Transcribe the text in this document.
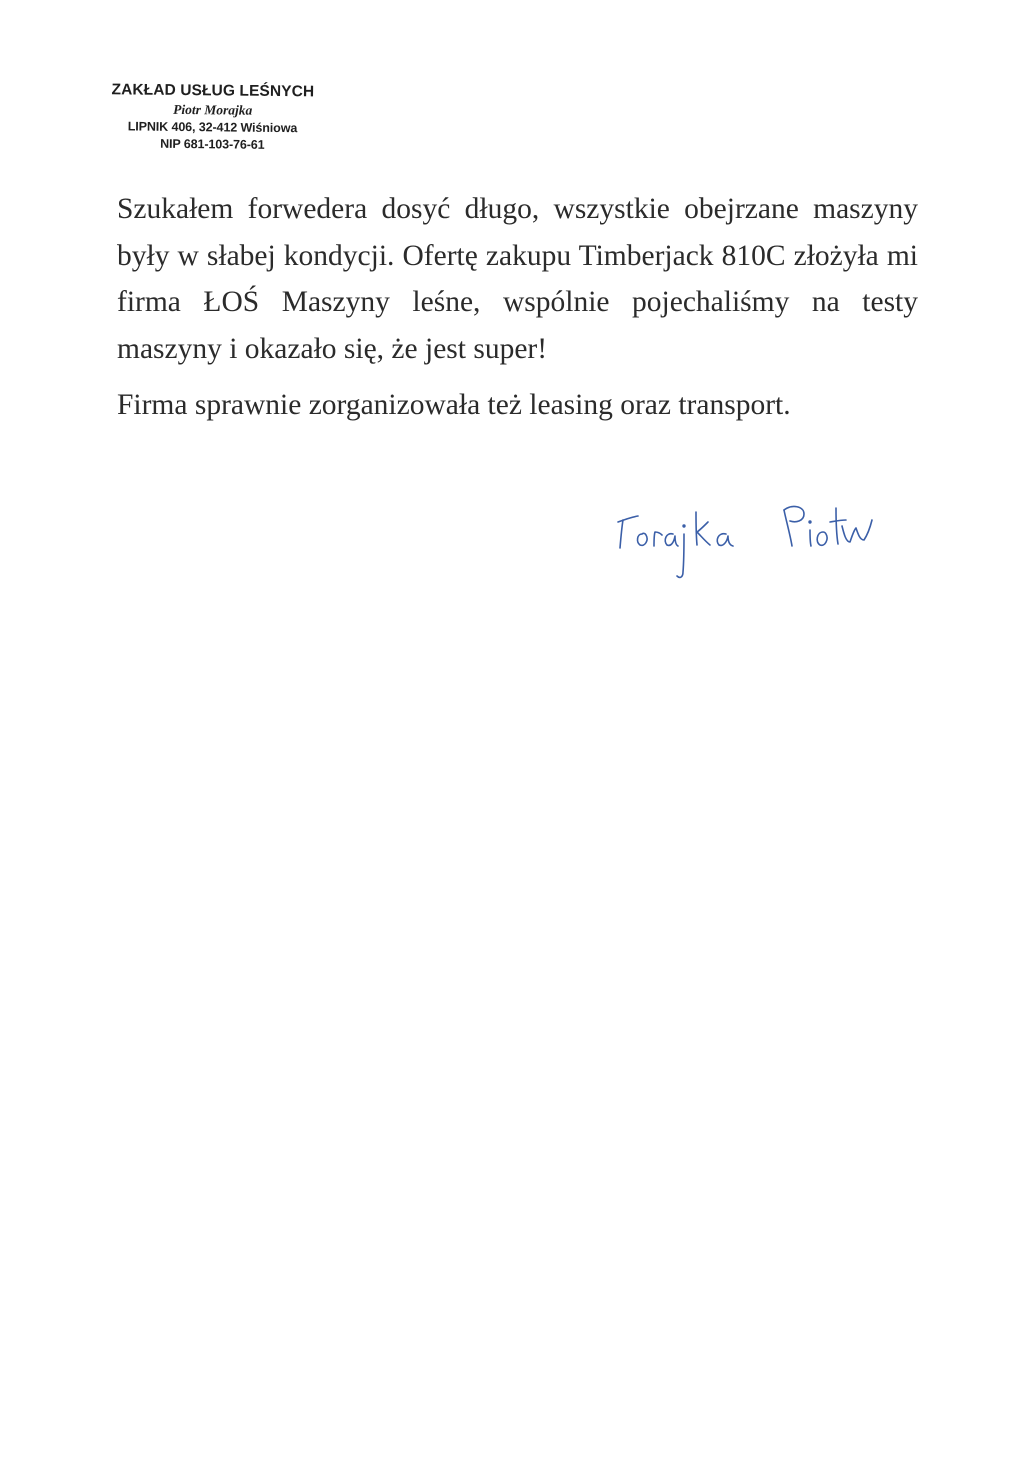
ZAKŁAD USŁUG LEŚNYCH
Piotr Morajka
LIPNIK 406, 32-412 Wiśniowa
NIP 681-103-76-61

Szukałem forwedera dosyć długo, wszystkie obejrzane maszyny były w słabej kondycji. Ofertę zakupu Timberjack 810C złożyła mi firma ŁOŚ Maszyny leśne, wspólnie pojechaliśmy na testy maszyny i okazało się, że jest super!

Firma sprawnie zorganizowała też leasing oraz transport.
